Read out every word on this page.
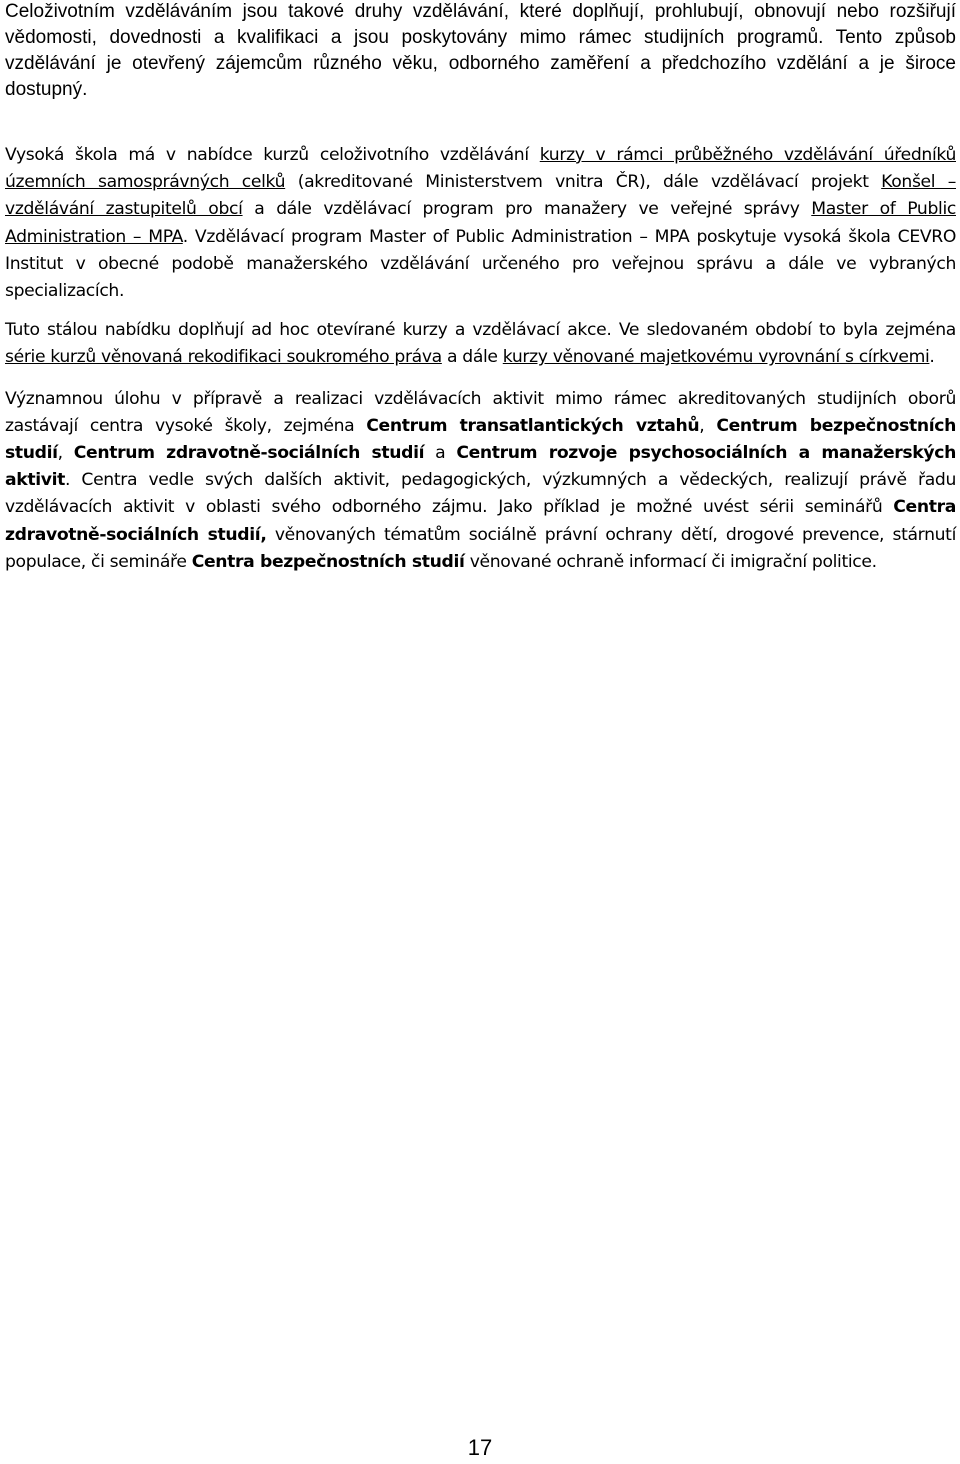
Celoživotním vzděláváním jsou takové druhy vzdělávání, které doplňují, prohlubují, obnovují nebo rozšiřují vědomosti, dovednosti a kvalifikaci a jsou poskytovány mimo rámec studijních programů. Tento způsob vzdělávání je otevřený zájemcům různého věku, odborného zaměření a předchozího vzdělání a je široce dostupný.

Vysoká škola má v nabídce kurzů celoživotního vzdělávání kurzy v rámci průběžného vzdělávání úředníků územních samosprávných celků (akreditované Ministerstvem vnitra ČR), dále vzdělávací projekt Konšel – vzdělávání zastupitelů obcí a dále vzdělávací program pro manažery ve veřejné správy Master of Public Administration – MPA. Vzdělávací program Master of Public Administration – MPA poskytuje vysoká škola CEVRO Institut v obecné podobě manažerského vzdělávání určeného pro veřejnou správu a dále ve vybraných specializacích.

Tuto stálou nabídku doplňují ad hoc otevírané kurzy a vzdělávací akce. Ve sledovaném období to byla zejména série kurzů věnovaná rekodifikaci soukromého práva a dále kurzy věnované majetkovému vyrovnání s církvemi.

Významnou úlohu v přípravě a realizaci vzdělávacích aktivit mimo rámec akreditovaných studijních oborů zastávají centra vysoké školy, zejména Centrum transatlantických vztahů, Centrum bezpečnostních studií, Centrum zdravotně-sociálních studií a Centrum rozvoje psychosociálních a manažerských aktivit. Centra vedle svých dalších aktivit, pedagogických, výzkumných a vědeckých, realizují právě řadu vzdělávacích aktivit v oblasti svého odborného zájmu. Jako příklad je možné uvést sérii seminářů Centra zdravotně-sociálních studií, věnovaných tématům sociálně právní ochrany dětí, drogové prevence, stárnutí populace, či semináře Centra bezpečnostních studií věnované ochraně informací či imigrační politice.

17
